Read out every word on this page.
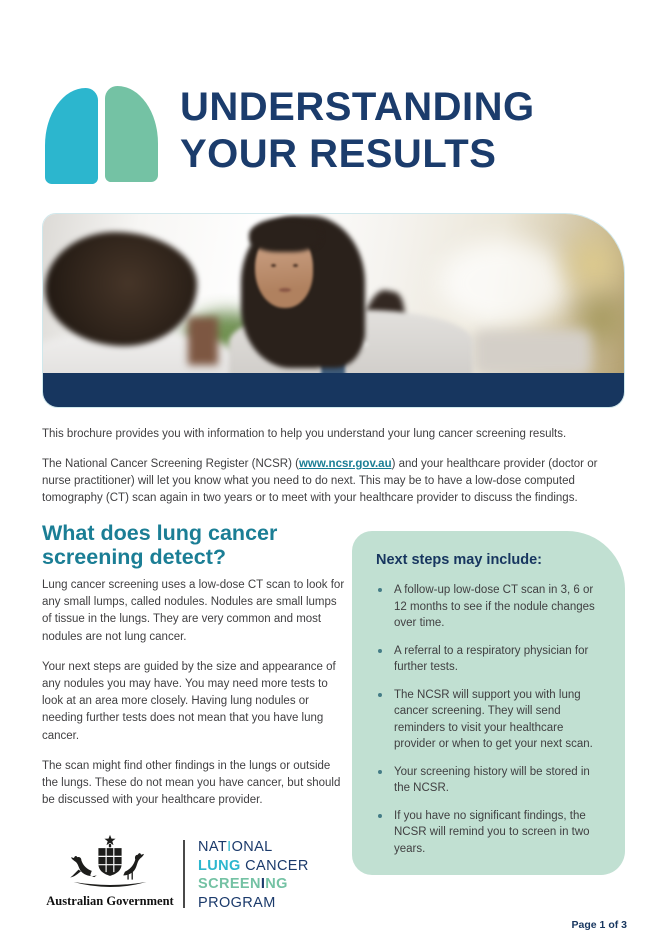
UNDERSTANDING
YOUR RESULTS

This brochure provides you with information to help you understand your lung cancer screening results.

The National Cancer Screening Register (NCSR) (www.ncsr.gov.au) and your healthcare provider (doctor or nurse practitioner) will let you know what you need to do next. This may be to have a low-dose computed tomography (CT) scan again in two years or to meet with your healthcare provider to discuss the findings.

What does lung cancer
screening detect?

Lung cancer screening uses a low-dose CT scan to look for any small lumps, called nodules. Nodules are small lumps of tissue in the lungs. They are very common and most nodules are not lung cancer.

Your next steps are guided by the size and appearance of any nodules you may have. You may need more tests to look at an area more closely. Having lung nodules or needing further tests does not mean that you have lung cancer.

The scan might find other findings in the lungs or outside the lungs. These do not mean you have cancer, but should be discussed with your healthcare provider.

Next steps may include:
A follow-up low-dose CT scan in 3, 6 or 12 months to see if the nodule changes over time.
A referral to a respiratory physician for further tests.
The NCSR will support you with lung cancer screening. They will send reminders to visit your healthcare provider or when to get your next scan.
Your screening history will be stored in the NCSR.
If you have no significant findings, the NCSR will remind you to screen in two years.
Australian Government
NATIONAL
LUNG CANCER
SCREENING
PROGRAM
Page 1 of 3
